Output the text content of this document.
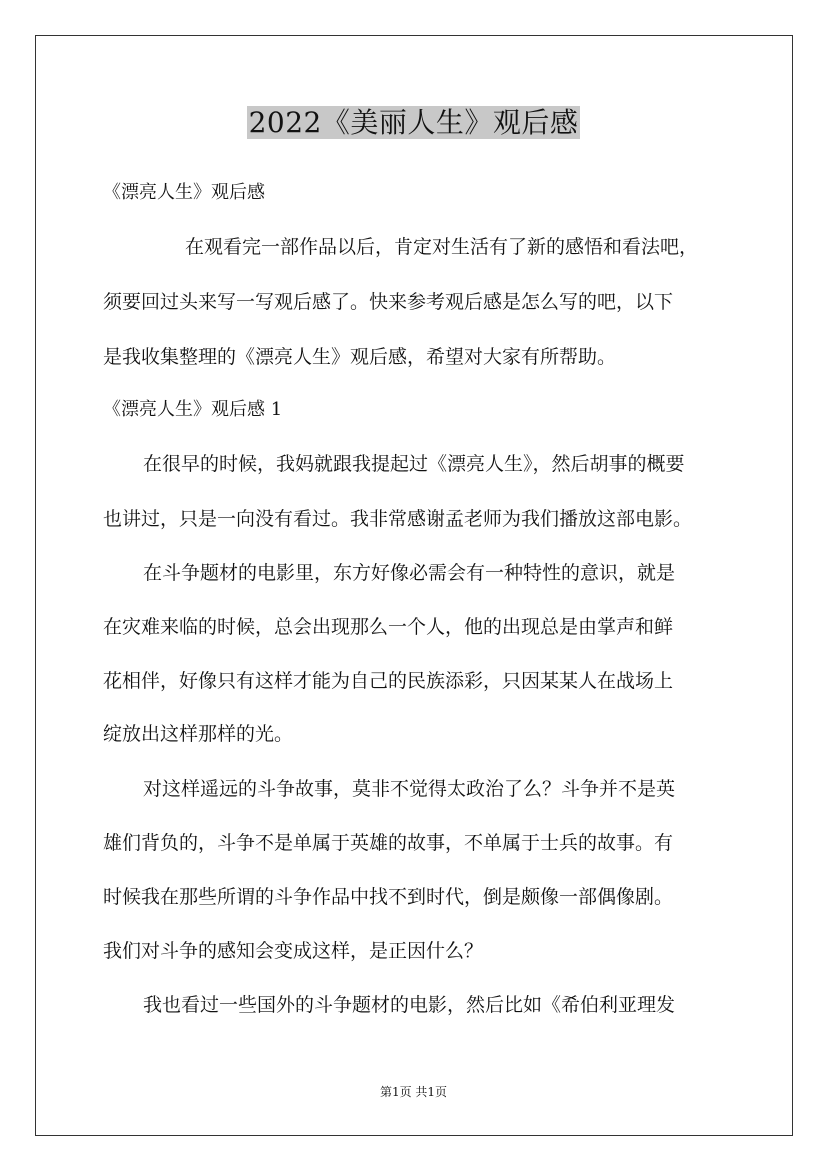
2022《美丽人生》观后感
《漂亮人生》观后感
在观看完一部作品以后，肯定对生活有了新的感悟和看法吧，
须要回过头来写一写观后感了。快来参考观后感是怎么写的吧，以下
是我收集整理的《漂亮人生》观后感，希望对大家有所帮助。
《漂亮人生》观后感 1
在很早的时候，我妈就跟我提起过《漂亮人生》，然后胡事的概要
也讲过，只是一向没有看过。我非常感谢孟老师为我们播放这部电影。
在斗争题材的电影里，东方好像必需会有一种特性的意识，就是
在灾难来临的时候，总会出现那么一个人，他的出现总是由掌声和鲜
花相伴，好像只有这样才能为自己的民族添彩，只因某某人在战场上
绽放出这样那样的光。
对这样遥远的斗争故事，莫非不觉得太政治了么？斗争并不是英
雄们背负的，斗争不是单属于英雄的故事，不单属于士兵的故事。有
时候我在那些所谓的斗争作品中找不到时代，倒是颇像一部偶像剧。
我们对斗争的感知会变成这样，是正因什么？
我也看过一些国外的斗争题材的电影，然后比如《希伯利亚理发
第1页 共1页
